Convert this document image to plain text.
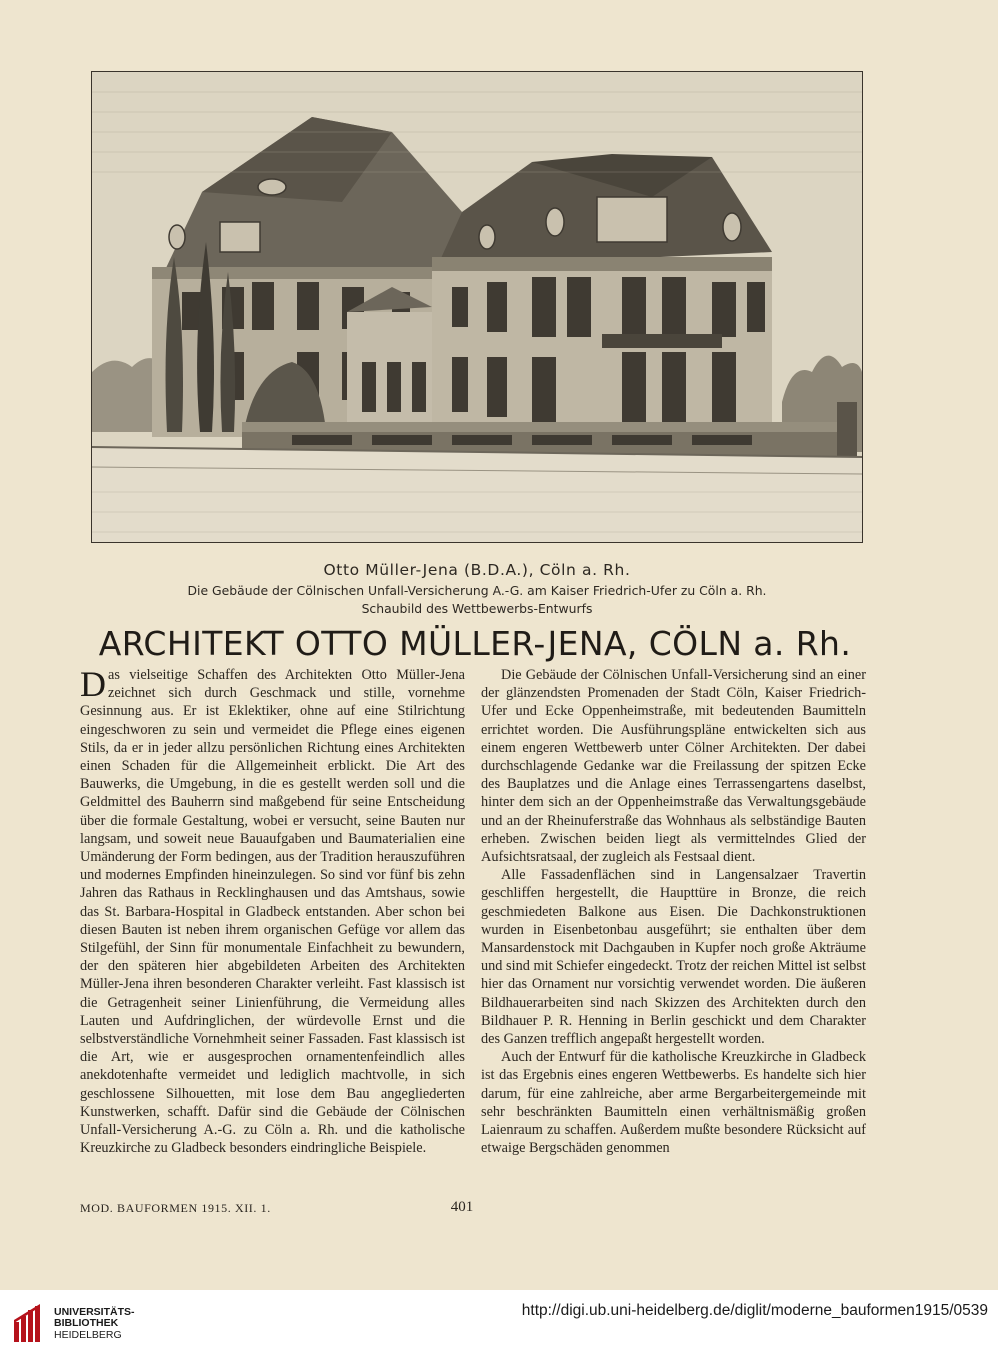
Otto Müller-Jena (B.D.A.), Cöln a. Rh.
Die Gebäude der Cölnischen Unfall-Versicherung A.-G. am Kaiser Friedrich-Ufer zu Cöln a. Rh.
Schaubild des Wettbewerbs-Entwurfs
ARCHITEKT OTTO MÜLLER-JENA, CÖLN a. Rh.

Das vielseitige Schaffen des Architekten Otto Müller-Jena zeichnet sich durch Geschmack und stille, vornehme Gesinnung aus. Er ist Eklektiker, ohne auf eine Stilrichtung eingeschworen zu sein und vermeidet die Pflege eines eigenen Stils, da er in jeder allzu persönlichen Richtung eines Architekten einen Schaden für die Allgemeinheit erblickt. Die Art des Bauwerks, die Umgebung, in die es gestellt werden soll und die Geldmittel des Bauherrn sind maßgebend für seine Entscheidung über die formale Gestaltung, wobei er versucht, seine Bauten nur langsam, und soweit neue Bauaufgaben und Baumaterialien eine Umänderung der Form bedingen, aus der Tradition herauszuführen und modernes Empfinden hineinzulegen. So sind vor fünf bis zehn Jahren das Rathaus in Recklinghausen und das Amtshaus, sowie das St. Barbara-Hospital in Gladbeck entstanden. Aber schon bei diesen Bauten ist neben ihrem organischen Gefüge vor allem das Stilgefühl, der Sinn für monumentale Einfachheit zu bewundern, der den späteren hier abgebildeten Arbeiten des Architekten Müller-Jena ihren besonderen Charakter verleiht. Fast klassisch ist die Getragenheit seiner Linienführung, die Vermeidung alles Lauten und Aufdringlichen, der würdevolle Ernst und die selbstverständliche Vornehmheit seiner Fassaden. Fast klassisch ist die Art, wie er ausgesprochen ornamentenfeindlich alles anekdotenhafte vermeidet und lediglich machtvolle, in sich geschlossene Silhouetten, mit lose dem Bau angegliederten Kunstwerken, schafft. Dafür sind die Gebäude der Cölnischen Unfall-Versicherung A.-G. zu Cöln a. Rh. und die katholische Kreuzkirche zu Gladbeck besonders eindringliche Beispiele.

Die Gebäude der Cölnischen Unfall-Versicherung sind an einer der glänzendsten Promenaden der Stadt Cöln, Kaiser Friedrich-Ufer und Ecke Oppenheimstraße, mit bedeutenden Baumitteln errichtet worden. Die Ausführungspläne entwickelten sich aus einem engeren Wettbewerb unter Cölner Architekten. Der dabei durchschlagende Gedanke war die Freilassung der spitzen Ecke des Bauplatzes und die Anlage eines Terrassengartens daselbst, hinter dem sich an der Oppenheimstraße das Verwaltungsgebäude und an der Rheinuferstraße das Wohnhaus als selbständige Bauten erheben. Zwischen beiden liegt als vermittelndes Glied der Aufsichtsratsaal, der zugleich als Festsaal dient.

Alle Fassadenflächen sind in Langensalzaer Travertin geschliffen hergestellt, die Haupttüre in Bronze, die reich geschmiedeten Balkone aus Eisen. Die Dachkonstruktionen wurden in Eisenbetonbau ausgeführt; sie enthalten über dem Mansardenstock mit Dachgauben in Kupfer noch große Akträume und sind mit Schiefer eingedeckt. Trotz der reichen Mittel ist selbst hier das Ornament nur vorsichtig verwendet worden. Die äußeren Bildhauerarbeiten sind nach Skizzen des Architekten durch den Bildhauer P. R. Henning in Berlin geschickt und dem Charakter des Ganzen trefflich angepaßt hergestellt worden.

Auch der Entwurf für die katholische Kreuzkirche in Gladbeck ist das Ergebnis eines engeren Wettbewerbs. Es handelte sich hier darum, für eine zahlreiche, aber arme Bergarbeitergemeinde mit sehr beschränkten Baumitteln einen verhältnismäßig großen Laienraum zu schaffen. Außerdem mußte besondere Rücksicht auf etwaige Bergschäden genommen

MOD. BAUFORMEN 1915. XII. 1.	401
UNIVERSITÄTS-
BIBLIOTHEK
HEIDELBERG
http://digi.ub.uni-heidelberg.de/diglit/moderne_bauformen1915/0539
